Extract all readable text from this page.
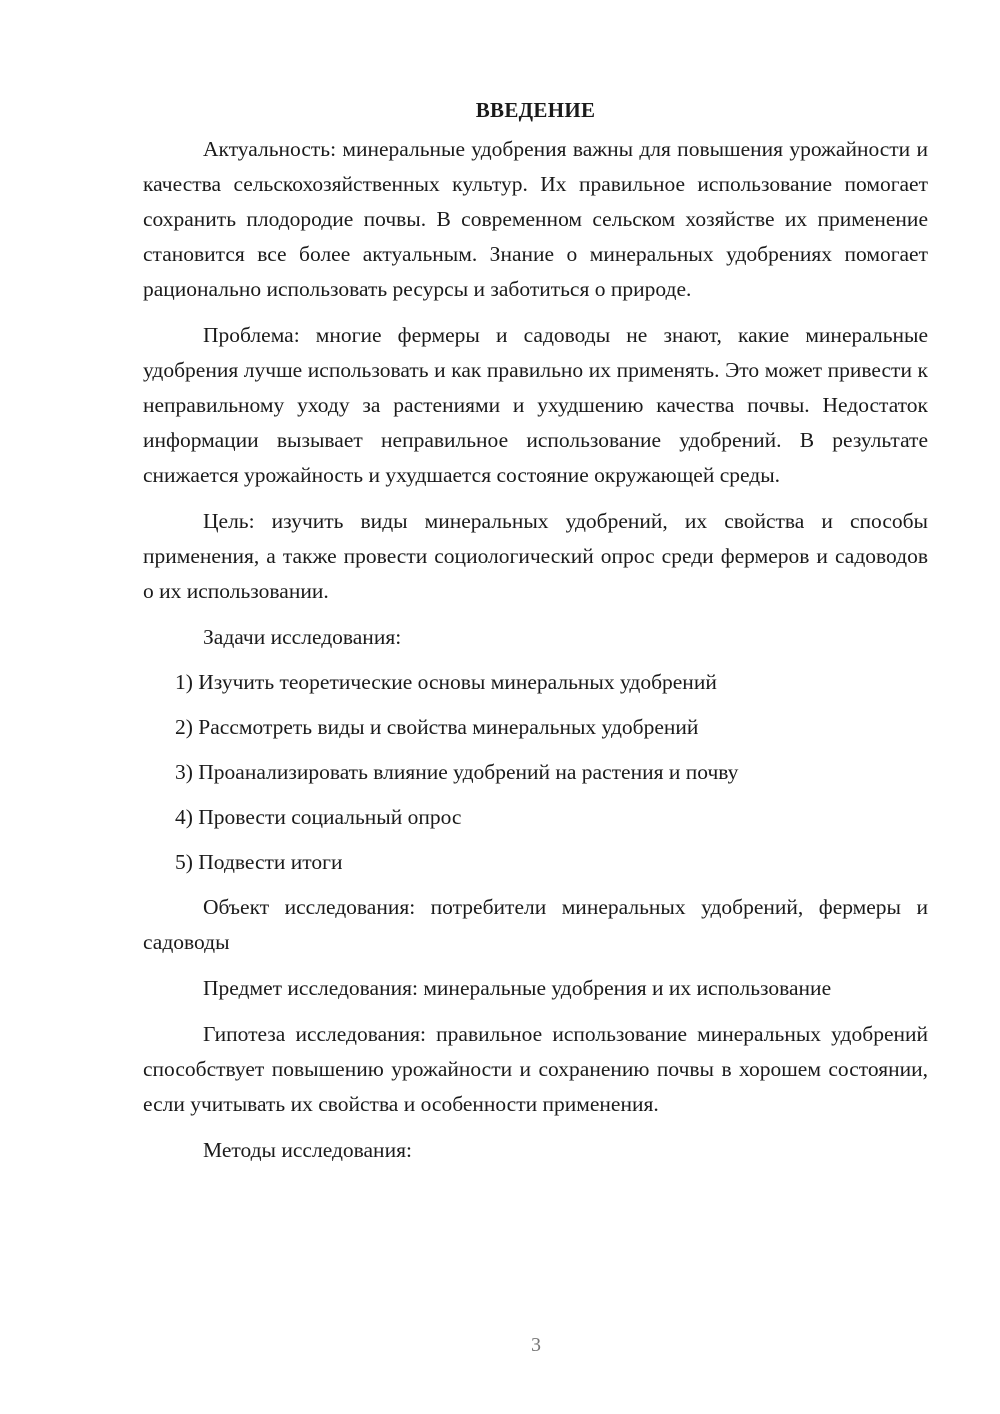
ВВЕДЕНИЕ

Актуальность: минеральные удобрения важны для повышения урожайности и качества сельскохозяйственных культур. Их правильное использование помогает сохранить плодородие почвы. В современном сельском хозяйстве их применение становится все более актуальным. Знание о минеральных удобрениях помогает рационально использовать ресурсы и заботиться о природе.

Проблема: многие фермеры и садоводы не знают, какие минеральные удобрения лучше использовать и как правильно их применять. Это может привести к неправильному уходу за растениями и ухудшению качества почвы. Недостаток информации вызывает неправильное использование удобрений. В результате снижается урожайность и ухудшается состояние окружающей среды.

Цель: изучить виды минеральных удобрений, их свойства и способы применения, а также провести социологический опрос среди фермеров и садоводов о их использовании.

Задачи исследования:

1) Изучить теоретические основы минеральных удобрений
2) Рассмотреть виды и свойства минеральных удобрений
3) Проанализировать влияние удобрений на растения и почву
4) Провести социальный опрос
5) Подвести итоги

Объект исследования: потребители минеральных удобрений, фермеры и садоводы

Предмет исследования: минеральные удобрения и их использование

Гипотеза исследования: правильное использование минеральных удобрений способствует повышению урожайности и сохранению почвы в хорошем состоянии, если учитывать их свойства и особенности применения.

Методы исследования:

3
